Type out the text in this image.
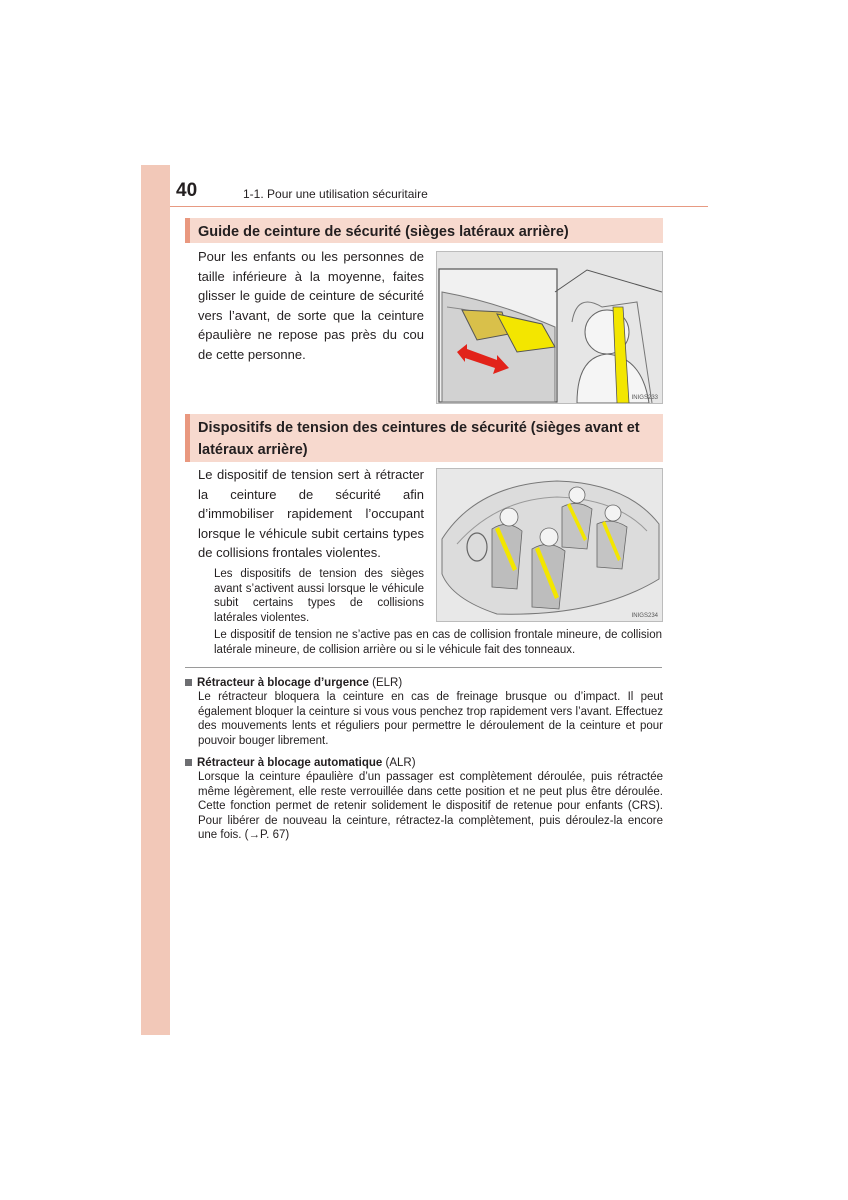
40	1-1. Pour une utilisation sécuritaire
Guide de ceinture de sécurité (sièges latéraux arrière)
Pour les enfants ou les personnes de taille inférieure à la moyenne, faites glisser le guide de ceinture de sécurité vers l’avant, de sorte que la ceinture épaulière ne repose pas près du cou de cette personne.
INIGS233
Dispositifs de tension des ceintures de sécurité (sièges avant et latéraux arrière)
Le dispositif de tension sert à rétracter la ceinture de sécurité afin d’immobiliser rapidement l’occupant lorsque le véhicule subit certains types de collisions frontales violentes.
Les dispositifs de tension des sièges avant s’activent aussi lorsque le véhicule subit certains types de collisions latérales violentes.
Le dispositif de tension ne s’active pas en cas de collision frontale mineure, de collision latérale mineure, de collision arrière ou si le véhicule fait des tonneaux.
INIGS234
Rétracteur à blocage d’urgence (ELR)
Le rétracteur bloquera la ceinture en cas de freinage brusque ou d’impact. Il peut également bloquer la ceinture si vous vous penchez trop rapidement vers l’avant. Effectuez des mouvements lents et réguliers pour permettre le déroulement de la ceinture et pour pouvoir bouger librement.
Rétracteur à blocage automatique (ALR)
Lorsque la ceinture épaulière d’un passager est complètement déroulée, puis rétractée même légèrement, elle reste verrouillée dans cette position et ne peut plus être déroulée. Cette fonction permet de retenir solidement le dispositif de retenue pour enfants (CRS). Pour libérer de nouveau la ceinture, rétractez-la complètement, puis déroulez-la encore une fois. (→P. 67)
